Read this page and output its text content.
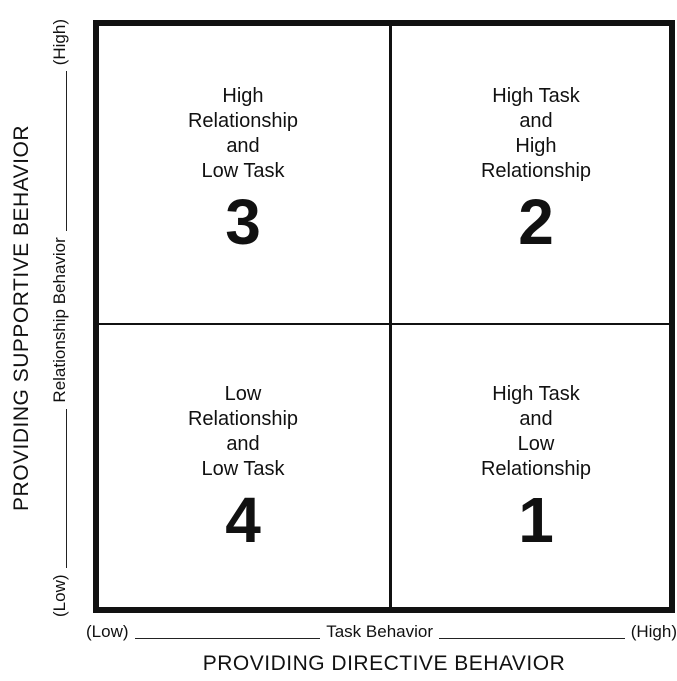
High
Relationship
and
Low Task
3
High Task
and
High
Relationship
2
Low
Relationship
and
Low Task
4
High Task
and
Low
Relationship
1
(Low)	Task Behavior	(High)
PROVIDING DIRECTIVE BEHAVIOR
(Low)
Relationship Behavior
(High)
PROVIDING SUPPORTIVE BEHAVIOR
